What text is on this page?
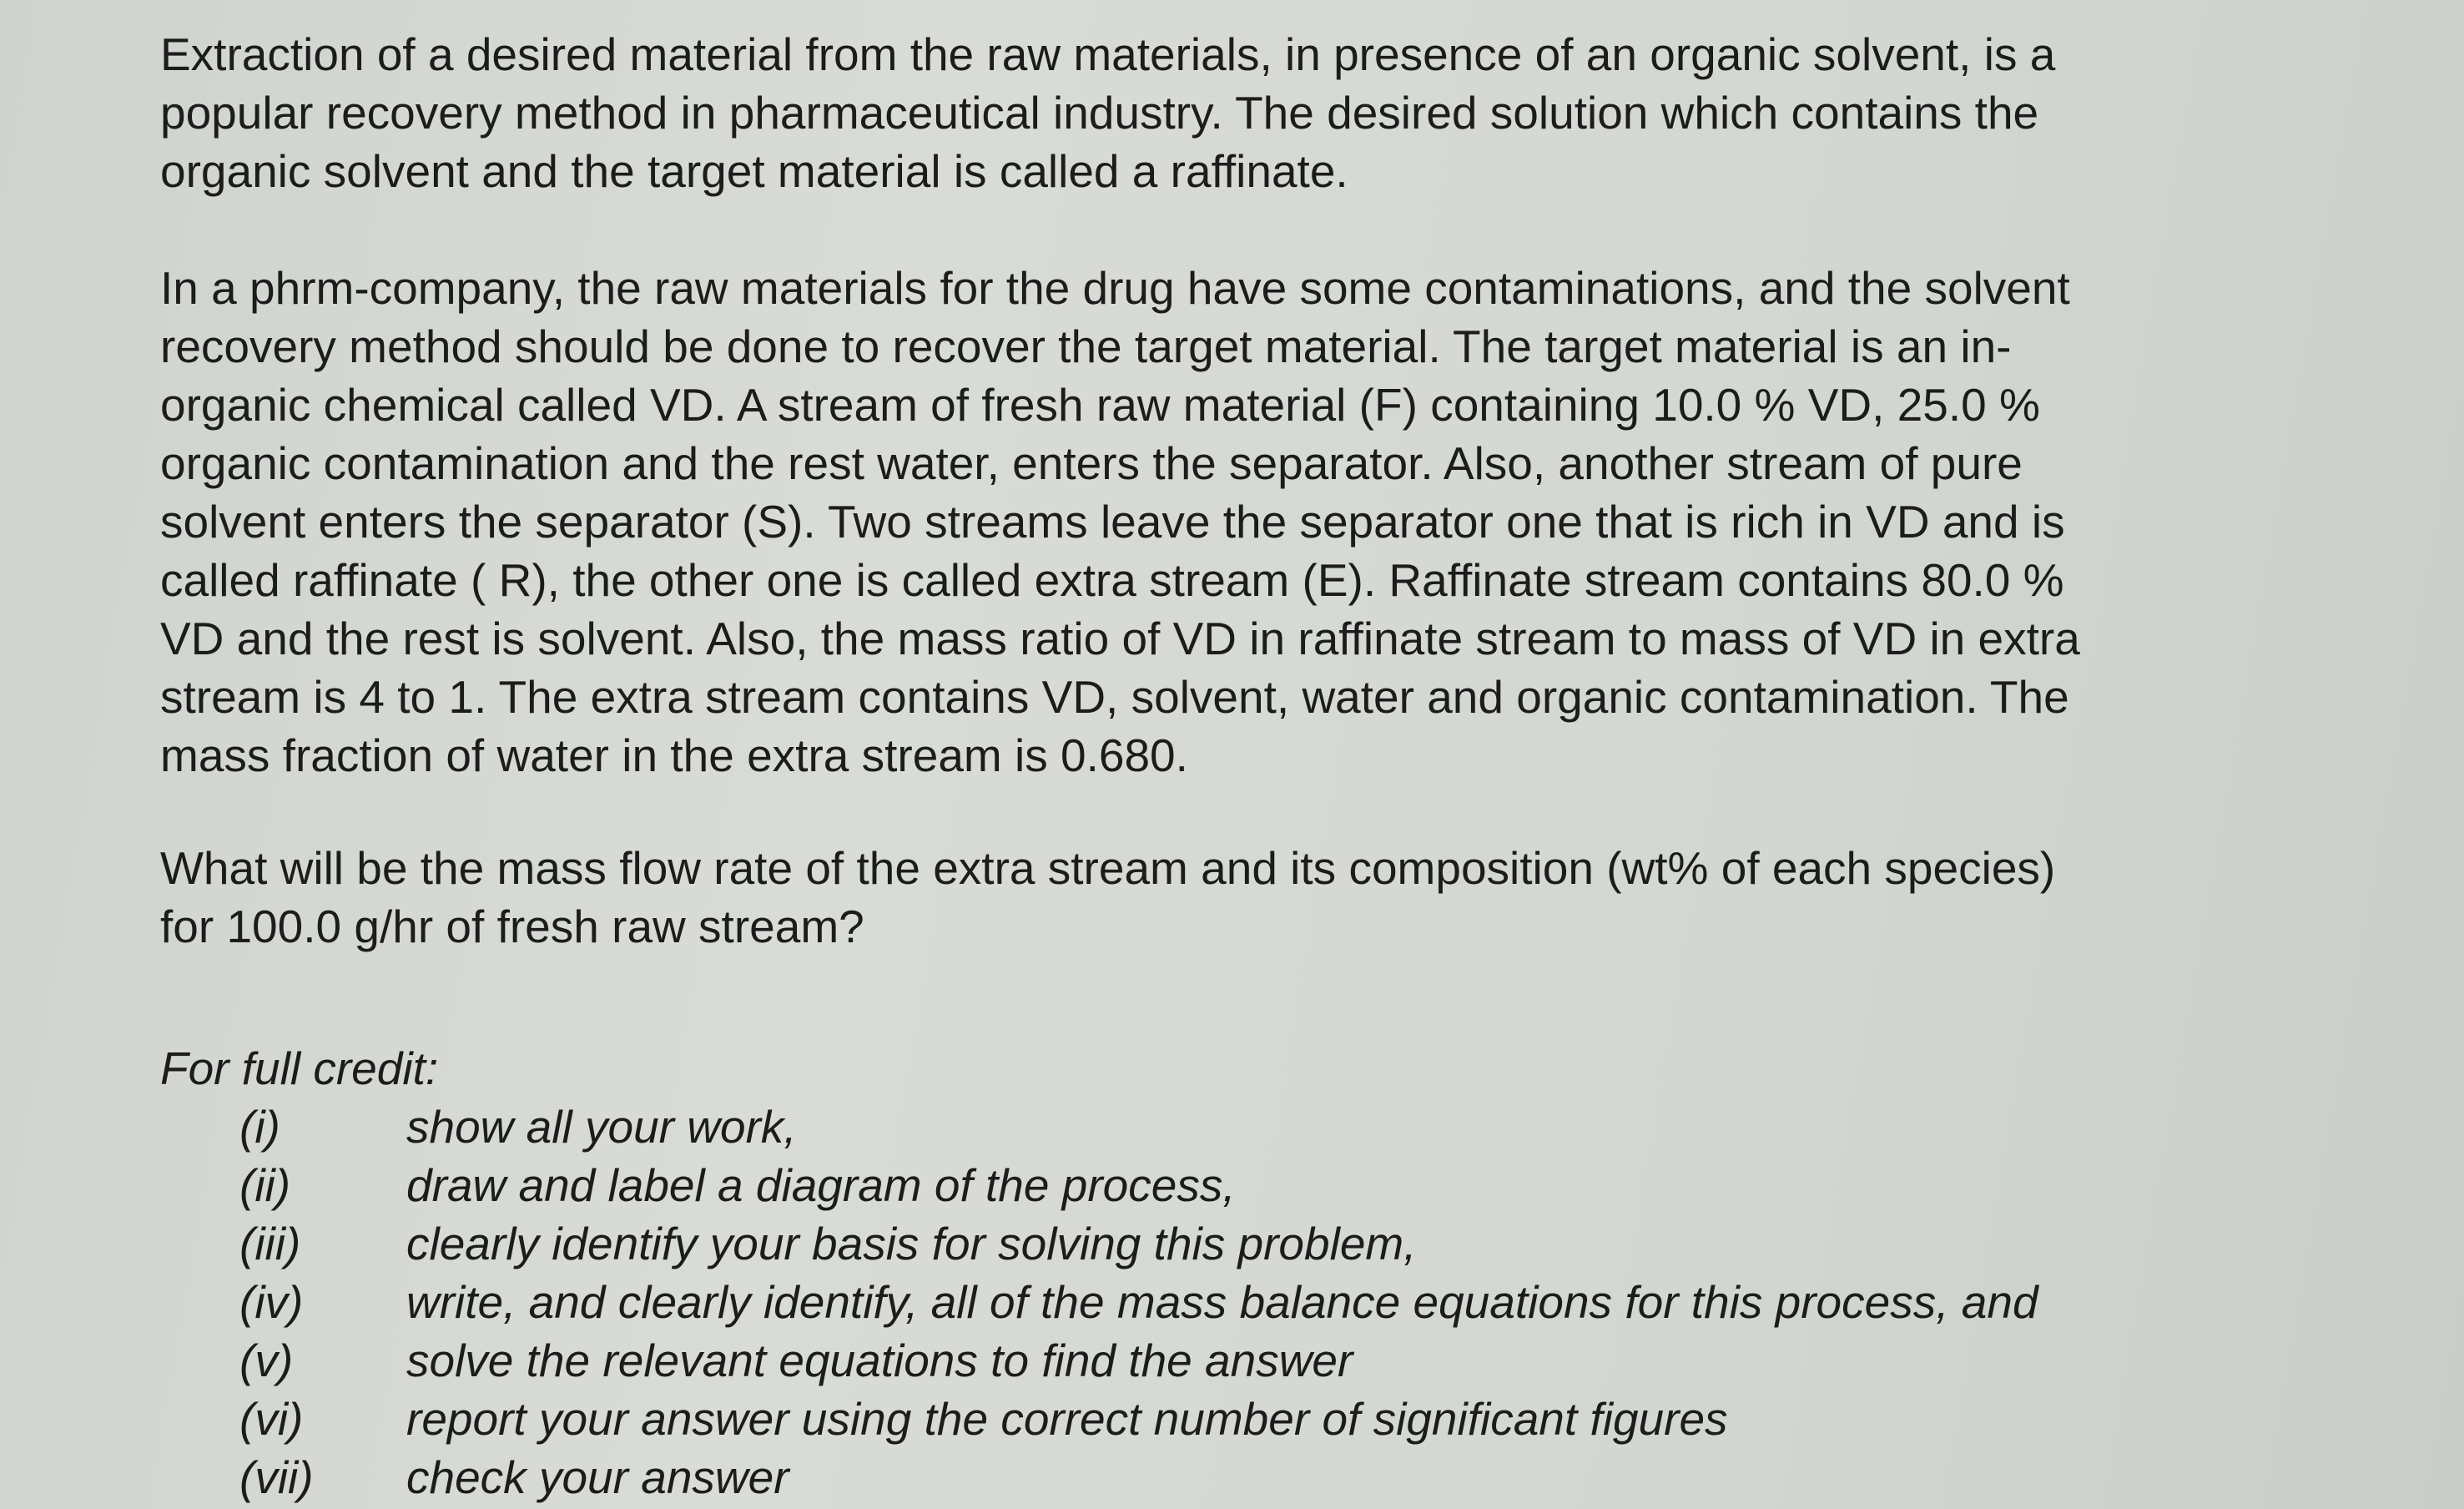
Extraction of a desired material from the raw materials, in presence of an organic solvent, is a
popular recovery method in pharmaceutical industry. The desired solution which contains the
organic solvent and the target material is called a raffinate.

In a phrm-company, the raw materials for the drug have some contaminations, and the solvent
recovery method should be done to recover the target material. The target material is an in-
organic chemical called VD. A stream of fresh raw material (F) containing 10.0 % VD, 25.0 %
organic contamination and the rest water, enters the separator. Also, another stream of pure
solvent enters the separator (S). Two streams leave the separator one that is rich in VD and is
called raffinate ( R), the other one is called extra stream (E). Raffinate stream contains 80.0 %
VD and the rest is solvent. Also, the mass ratio of VD in raffinate stream to mass of VD in extra
stream is 4 to 1. The extra stream contains VD, solvent, water and organic contamination. The
mass fraction of water in the extra stream is 0.680.

What will be the mass flow rate of the extra stream and its composition (wt% of each species)
for 100.0 g/hr of fresh raw stream?

For full credit:
(i)	show all your work,
(ii)	draw and label a diagram of the process,
(iii)	clearly identify your basis for solving this problem,
(iv)	write, and clearly identify, all of the mass balance equations for this process, and
(v)	solve the relevant equations to find the answer
(vi)	report your answer using the correct number of significant figures
(vii)	check your answer
